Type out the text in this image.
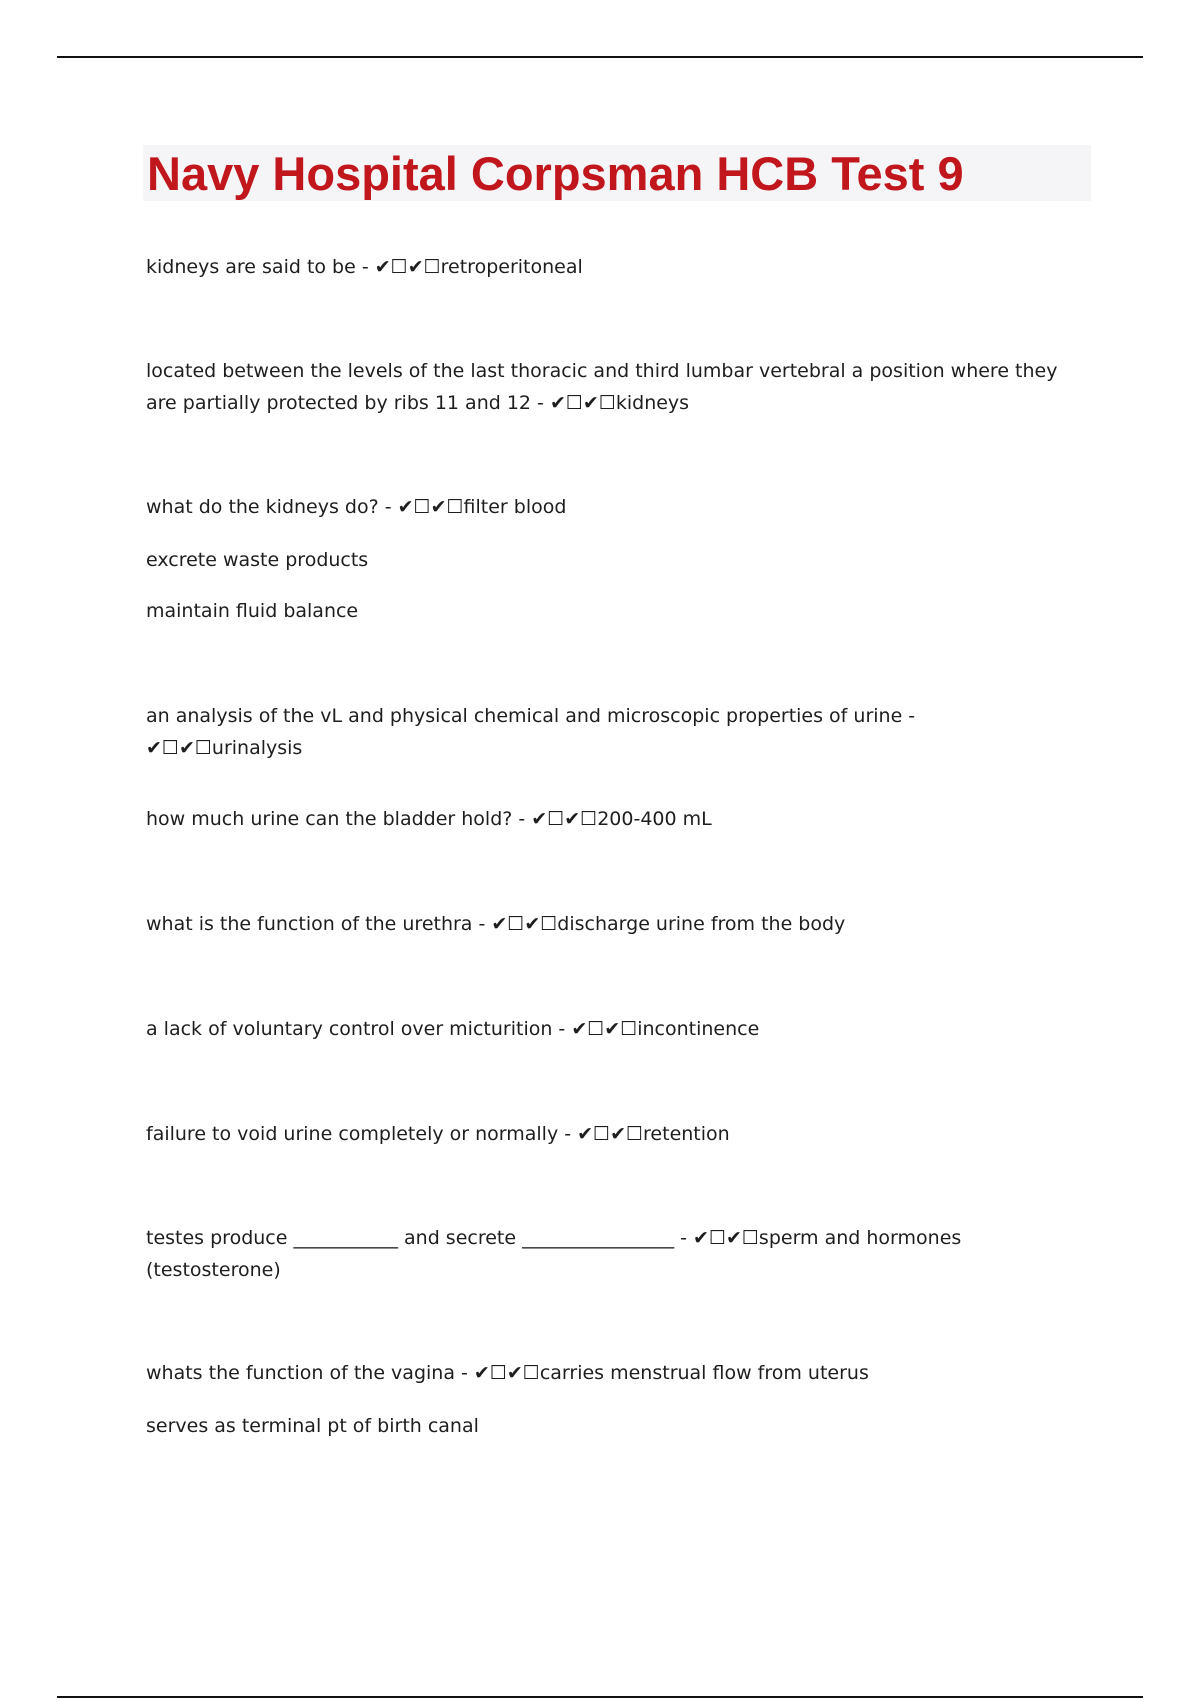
Navy Hospital Corpsman HCB Test 9
kidneys are said to be - ✔☐✔☐retroperitoneal
located between the levels of the last thoracic and third lumbar vertebral a position where they are partially protected by ribs 11 and 12 - ✔☐✔☐kidneys
what do the kidneys do? - ✔☐✔☐filter blood
excrete waste products
maintain fluid balance
an analysis of the vL and physical chemical and microscopic properties of urine - ✔☐✔☐urinalysis
how much urine can the bladder hold? - ✔☐✔☐200-400 mL
what is the function of the urethra - ✔☐✔☐discharge urine from the body
a lack of voluntary control over micturition - ✔☐✔☐incontinence
failure to void urine completely or normally - ✔☐✔☐retention
testes produce ___________ and secrete ________________ - ✔☐✔☐sperm and hormones (testosterone)
whats the function of the vagina - ✔☐✔☐carries menstrual flow from uterus
serves as terminal pt of birth canal
